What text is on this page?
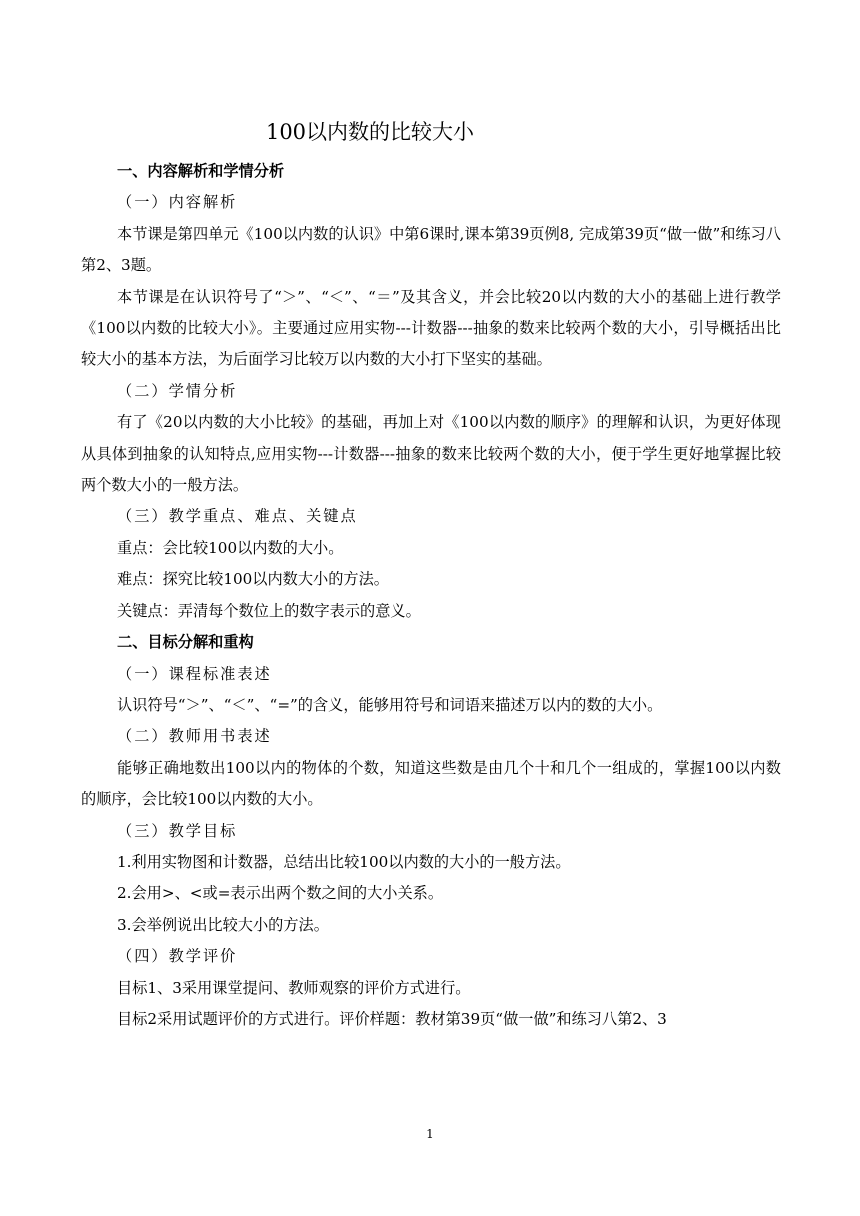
100以内数的比较大小

一、内容解析和学情分析

（一）内容解析

本节课是第四单元《100以内数的认识》中第6课时,课本第39页例8, 完成第39页“做一做”和练习八第2、3题。

本节课是在认识符号了“＞”、“＜”、“＝”及其含义，并会比较20以内数的大小的基础上进行教学《100以内数的比较大小》。主要通过应用实物---计数器---抽象的数来比较两个数的大小，引导概括出比较大小的基本方法，为后面学习比较万以内数的大小打下坚实的基础。

（二）学情分析

有了《20以内数的大小比较》的基础，再加上对《100以内数的顺序》的理解和认识，为更好体现从具体到抽象的认知特点,应用实物---计数器---抽象的数来比较两个数的大小，便于学生更好地掌握比较两个数大小的一般方法。

（三）教学重点、难点、关键点

重点：会比较100以内数的大小。

难点：探究比较100以内数大小的方法。

关键点：弄清每个数位上的数字表示的意义。

二、目标分解和重构

（一）课程标准表述

认识符号“＞”、“＜”、“=”的含义，能够用符号和词语来描述万以内的数的大小。

（二）教师用书表述

能够正确地数出100以内的物体的个数，知道这些数是由几个十和几个一组成的，掌握100以内数的顺序，会比较100以内数的大小。

（三）教学目标

1.利用实物图和计数器，总结出比较100以内数的大小的一般方法。

2.会用>、<或=表示出两个数之间的大小关系。

3.会举例说出比较大小的方法。

（四）教学评价

目标1、3采用课堂提问、教师观察的评价方式进行。

目标2采用试题评价的方式进行。评价样题：教材第39页“做一做”和练习八第2、3

1
